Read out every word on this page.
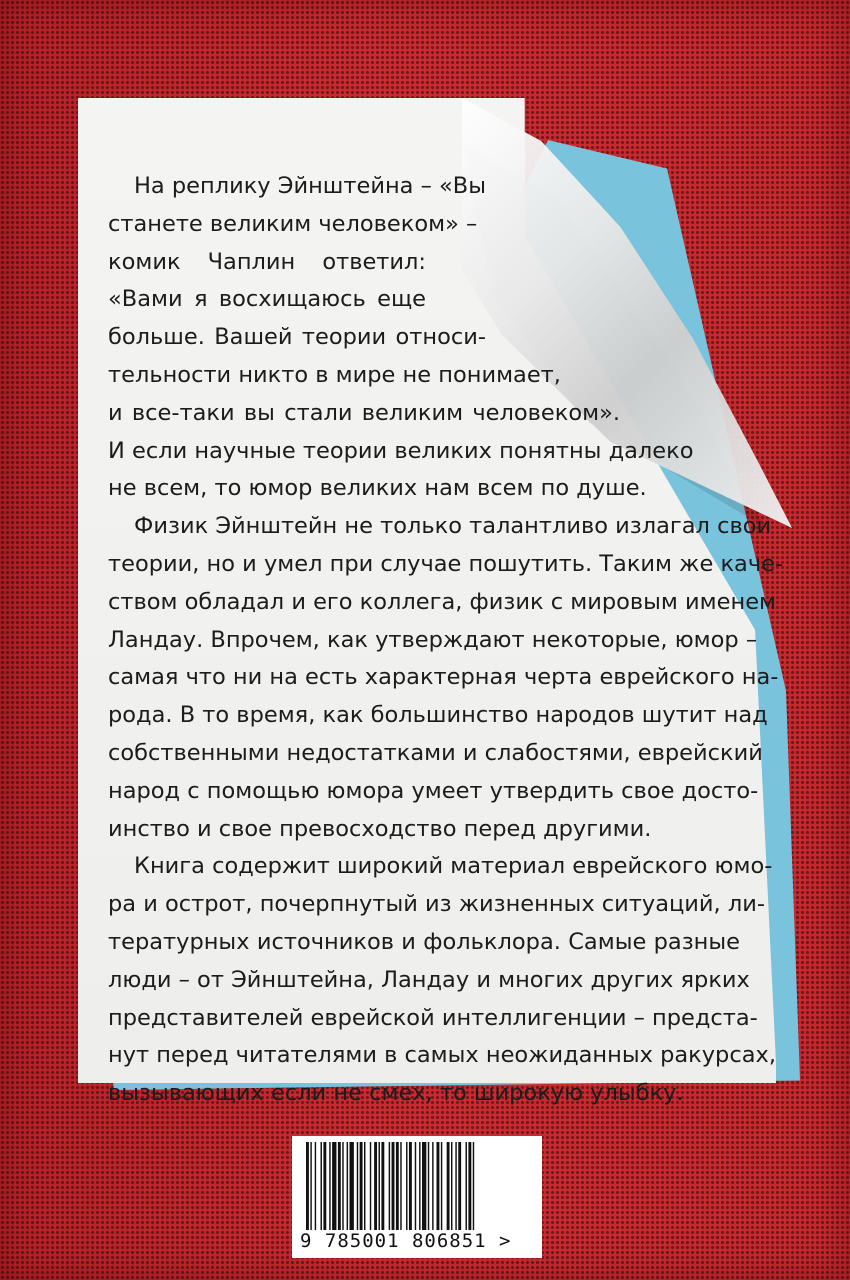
На реплику Эйнштейна – «Вы
станете великим человеком» –
комик Чаплин ответил:
«Вами я восхищаюсь еще
больше. Вашей теории относи-
тельности никто в мире не понимает,
и все-таки вы стали великим человеком».
И если научные теории великих понятны далеко
не всем, то юмор великих нам всем по душе.
Физик Эйнштейн не только талантливо излагал свои
теории, но и умел при случае пошутить. Таким же каче-
ством обладал и его коллега, физик с мировым именем
Ландау. Впрочем, как утверждают некоторые, юмор –
самая что ни на есть характерная черта еврейского на-
рода. В то время, как большинство народов шутит над
собственными недостатками и слабостями, еврейский
народ с помощью юмора умеет утвердить свое досто-
инство и свое превосходство перед другими.
Книга содержит широкий материал еврейского юмо-
ра и острот, почерпнутый из жизненных ситуаций, ли-
тературных источников и фольклора. Самые разные
люди – от Эйнштейна, Ландау и многих других ярких
представителей еврейской интеллигенции – предста-
нут перед читателями в самых неожиданных ракурсах,
вызывающих если не смех, то широкую улыбку.
9 785001 806851 >
